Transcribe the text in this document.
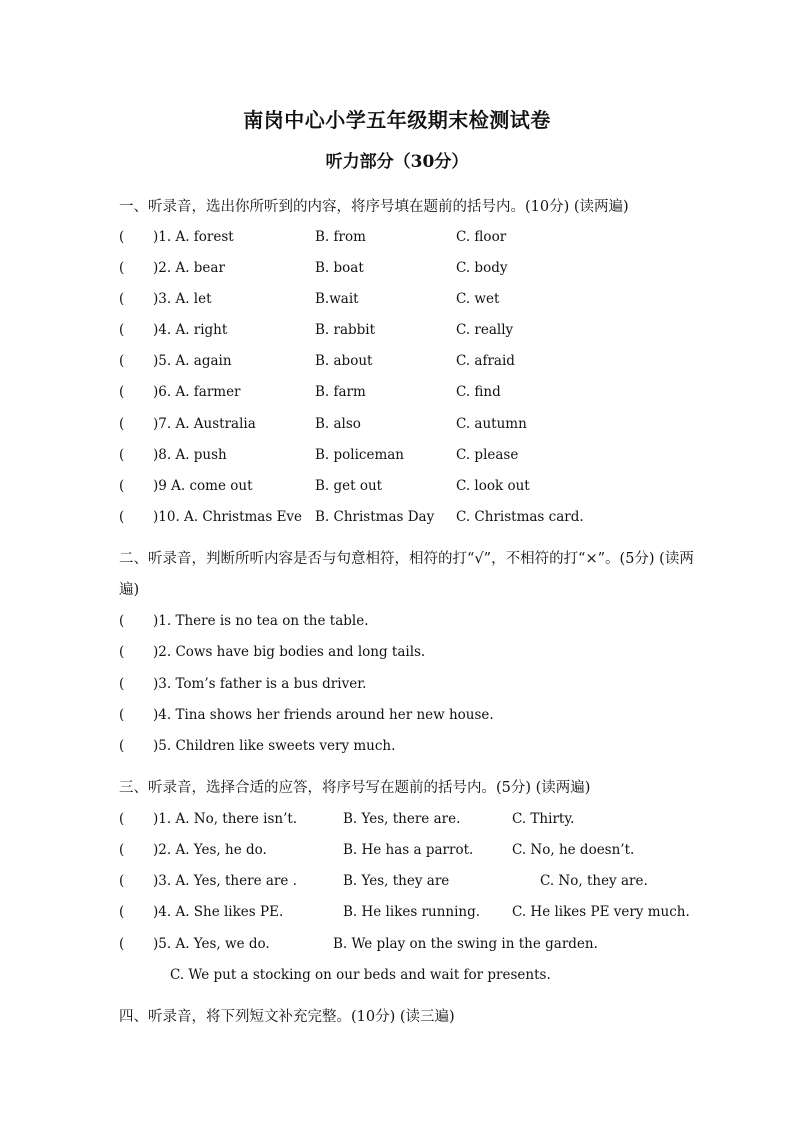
南岗中心小学五年级期末检测试卷
听力部分（30分）
一、听录音，选出你所听到的内容，将序号填在题前的括号内。(10分) (读两遍)
( )1. A. forest	B. from	C. floor
( )2. A. bear	B. boat	C. body
( )3. A. let	B.wait	C. wet
( )4. A. right	B. rabbit	C. really
( )5. A. again	B. about	C. afraid
( )6. A. farmer	B. farm	C. find
( )7. A. Australia	B. also	C. autumn
( )8. A. push	B. policeman	C. please
( )9 A. come out	B. get out	C. look out
( )10. A. Christmas Eve B. Christmas Day C. Christmas card.
二、听录音，判断所听内容是否与句意相符，相符的打“√”，不相符的打“×”。(5分) (读两
遍)
( )1. There is no tea on the table.
( )2. Cows have big bodies and long tails.
( )3. Tom’s father is a bus driver.
( )4. Tina shows her friends around her new house.
( )5. Children like sweets very much.
三、听录音，选择合适的应答，将序号写在题前的括号内。(5分) (读两遍)
( )1. A. No, there isn’t.	B. Yes, there are.	C. Thirty.
( )2. A. Yes, he do.	B. He has a parrot.	C. No, he doesn’t.
( )3. A. Yes, there are .	B. Yes, they are	C. No, they are.
( )4. A. She likes PE.	B. He likes running. C. He likes PE very much.
( )5. A. Yes, we do.	B. We play on the swing in the garden.
C. We put a stocking on our beds and wait for presents.
四、听录音，将下列短文补充完整。(10分) (读三遍)
